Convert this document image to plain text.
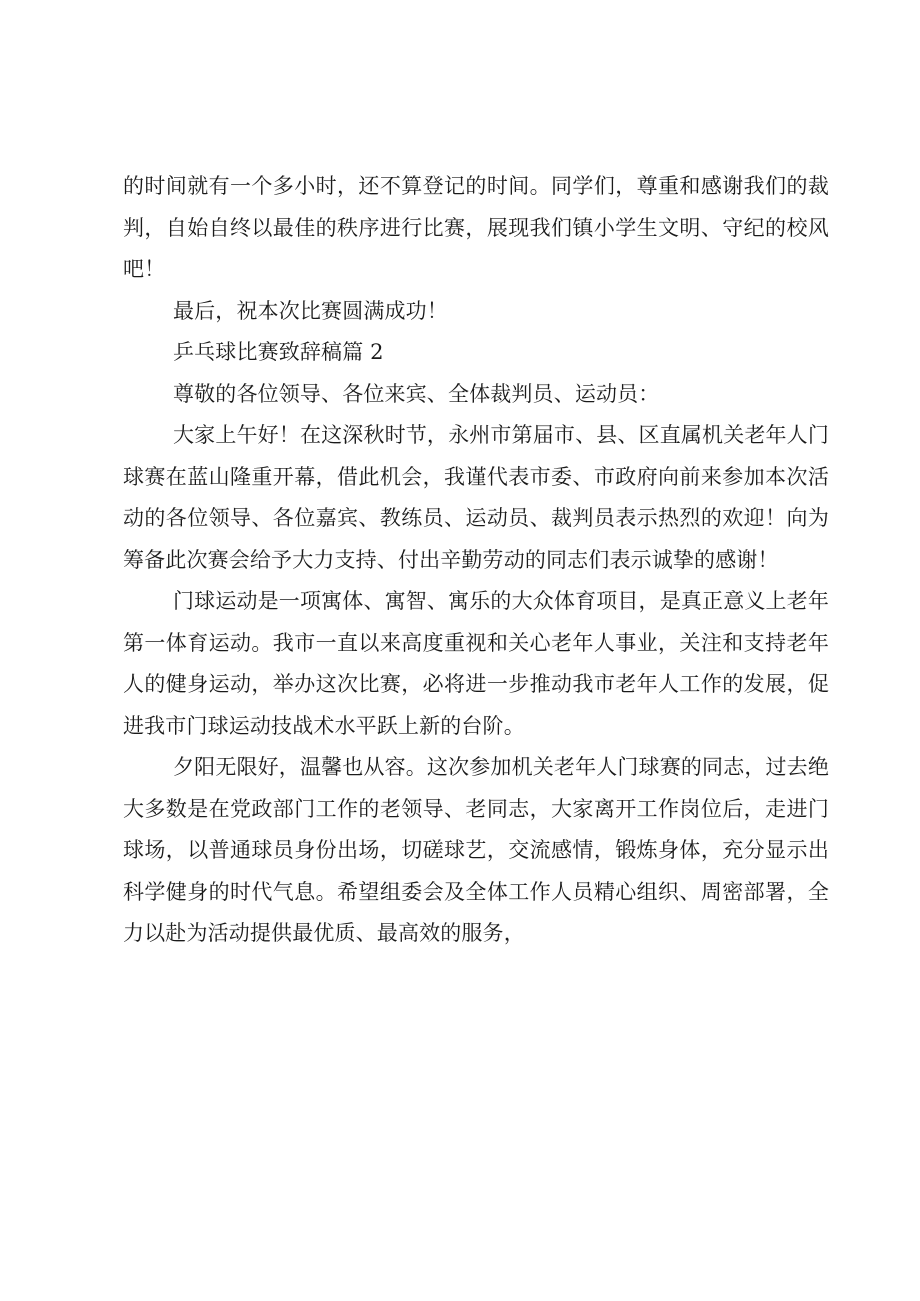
的时间就有一个多小时，还不算登记的时间。同学们，尊重和感谢我们的裁判，自始自终以最佳的秩序进行比赛，展现我们镇小学生文明、守纪的校风吧！

最后，祝本次比赛圆满成功！

乒乓球比赛致辞稿篇 2

尊敬的各位领导、各位来宾、全体裁判员、运动员：

大家上午好！在这深秋时节，永州市第届市、县、区直属机关老年人门球赛在蓝山隆重开幕，借此机会，我谨代表市委、市政府向前来参加本次活动的各位领导、各位嘉宾、教练员、运动员、裁判员表示热烈的欢迎！向为筹备此次赛会给予大力支持、付出辛勤劳动的同志们表示诚挚的感谢！

门球运动是一项寓体、寓智、寓乐的大众体育项目，是真正意义上老年第一体育运动。我市一直以来高度重视和关心老年人事业，关注和支持老年人的健身运动，举办这次比赛，必将进一步推动我市老年人工作的发展，促进我市门球运动技战术水平跃上新的台阶。

夕阳无限好，温馨也从容。这次参加机关老年人门球赛的同志，过去绝大多数是在党政部门工作的老领导、老同志，大家离开工作岗位后，走进门球场，以普通球员身份出场，切磋球艺，交流感情，锻炼身体，充分显示出科学健身的时代气息。希望组委会及全体工作人员精心组织、周密部署，全力以赴为活动提供最优质、最高效的服务，
